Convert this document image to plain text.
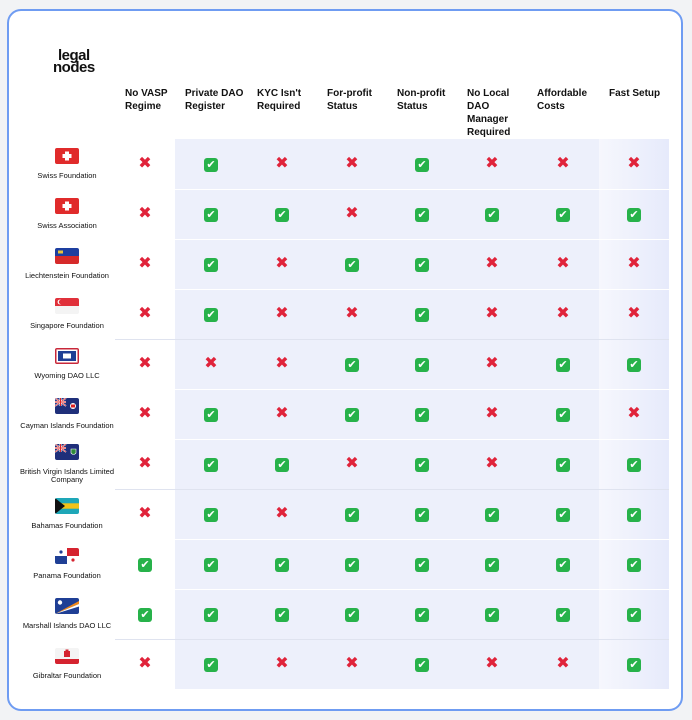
legal
nodes
	No VASP Regime	Private DAO Register	KYC Isn't Required	For-profit Status	Non-profit Status	No Local DAO Manager Required	Affordable Costs	Fast Setup

Swiss Foundation	✖	✔	✖	✖	✔	✖	✖	✖

Swiss Association	✖	✔	✔	✖	✔	✔	✔	✔

Liechtenstein Foundation	✖	✔	✖	✔	✔	✖	✖	✖

Singapore Foundation	✖	✔	✖	✖	✔	✖	✖	✖

Wyoming DAO LLC	✖	✖	✖	✔	✔	✖	✔	✔

Cayman Islands Foundation	✖	✔	✖	✔	✔	✖	✔	✖

British Virgin Islands Limited Company	✖	✔	✔	✖	✔	✖	✔	✔

Bahamas Foundation	✖	✔	✖	✔	✔	✔	✔	✔

Panama Foundation	✔	✔	✔	✔	✔	✔	✔	✔

Marshall Islands DAO LLC	✔	✔	✔	✔	✔	✔	✔	✔

Gibraltar Foundation	✖	✔	✖	✖	✔	✖	✖	✔
